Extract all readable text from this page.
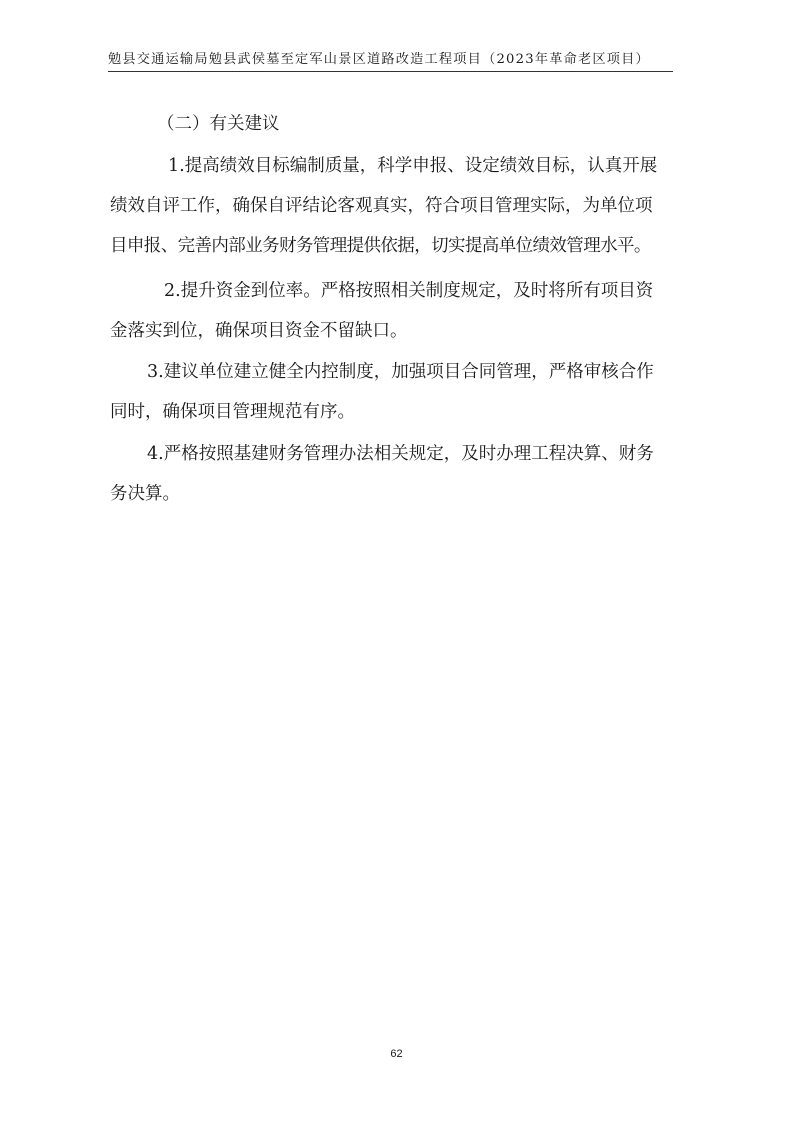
勉县交通运输局勉县武侯墓至定军山景区道路改造工程项目（2023年革命老区项目）
（二）有关建议
1.提高绩效目标编制质量，科学申报、设定绩效目标，认真开展
绩效自评工作，确保自评结论客观真实，符合项目管理实际，为单位项
目申报、完善内部业务财务管理提供依据，切实提高单位绩效管理水平。
2.提升资金到位率。严格按照相关制度规定，及时将所有项目资
金落实到位，确保项目资金不留缺口。
3.建议单位建立健全内控制度，加强项目合同管理，严格审核合作
同时，确保项目管理规范有序。
4.严格按照基建财务管理办法相关规定，及时办理工程决算、财务
务决算。
62
